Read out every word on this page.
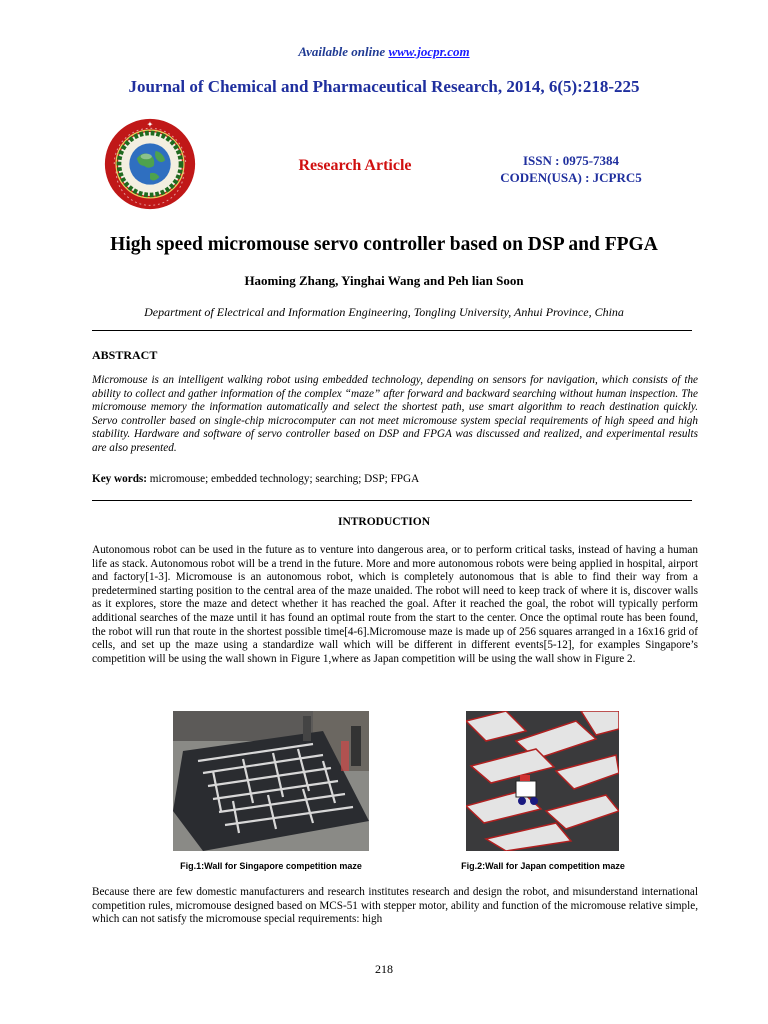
Available online www.jocpr.com
Journal of Chemical and Pharmaceutical Research, 2014, 6(5):218-225
✦
Research Article	ISSN : 0975-7384
CODEN(USA) : JCPRC5
High speed micromouse servo controller based on DSP and FPGA
Haoming Zhang, Yinghai Wang and Peh lian Soon
Department of Electrical and Information Engineering, Tongling University, Anhui Province, China
ABSTRACT

Micromouse is an intelligent walking robot using embedded technology, depending on sensors for navigation, which consists of the ability to collect and gather information of the complex “maze” after forward and backward searching without human inspection. The micromouse memory the information automatically and select the shortest path, use smart algorithm to reach destination quickly. Servo controller based on single-chip microcomputer can not meet micromouse system special requirements of high speed and high stability. Hardware and software of servo controller based on DSP and FPGA was discussed and realized, and experimental results are also presented.

Key words: micromouse; embedded technology; searching; DSP; FPGA
INTRODUCTION

Autonomous robot can be used in the future as to venture into dangerous area, or to perform critical tasks, instead of having a human life as stack. Autonomous robot will be a trend in the future. More and more autonomous robots were being applied in hospital, airport and factory[1-3]. Micromouse is an autonomous robot, which is completely autonomous that is able to find their way from a predetermined starting position to the central area of the maze unaided. The robot will need to keep track of where it is, discover walls as it explores, store the maze and detect whether it has reached the goal. After it reached the goal, the robot will typically perform additional searches of the maze until it has found an optimal route from the start to the center. Once the optimal route has been found, the robot will run that route in the shortest possible time[4-6].Micromouse maze is made up of 256 squares arranged in a 16x16 grid of cells, and set up the maze using a standardize wall which will be different in different events[5-12], for examples Singapore’s competition will be using the wall shown in Figure 1,where as Japan competition will be using the wall show in Figure 2.

Fig.1:Wall for Singapore competition maze	Fig.2:Wall for Japan competition maze

Because there are few domestic manufacturers and research institutes research and design the robot, and misunderstand international competition rules, micromouse designed based on MCS-51 with stepper motor, ability and function of the micromouse relative simple, which can not satisfy the micromouse special requirements: high

218
